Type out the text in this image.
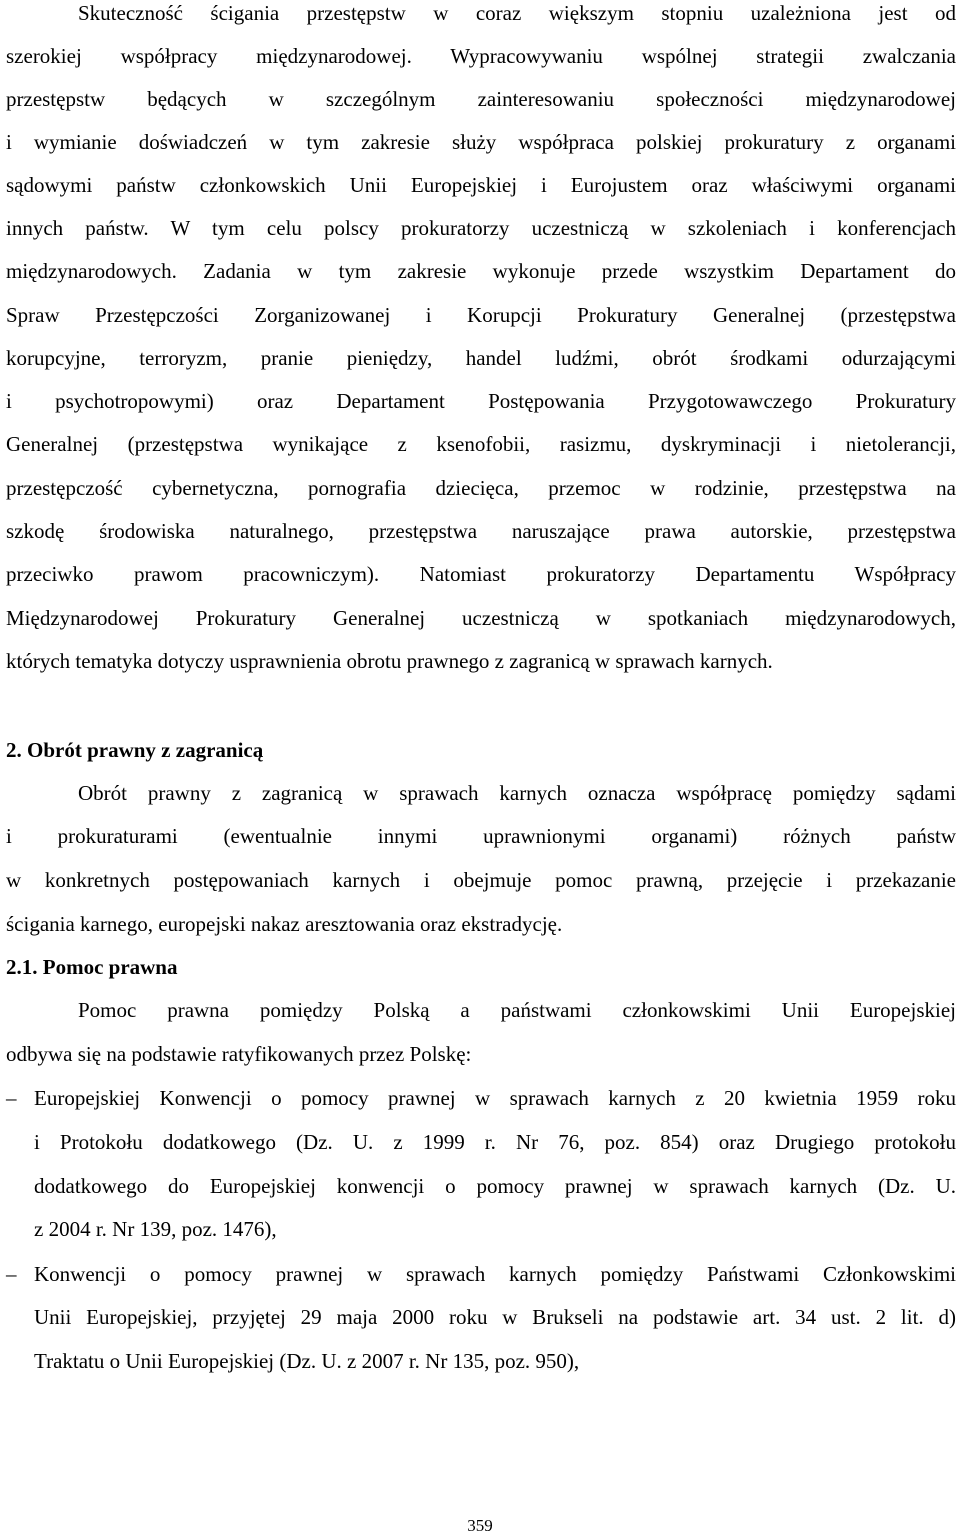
Skuteczność ścigania przestępstw w coraz większym stopniu uzależniona jest od
szerokiej współpracy międzynarodowej. Wypracowywaniu wspólnej strategii zwalczania
przestępstw będących w szczególnym zainteresowaniu społeczności międzynarodowej
i wymianie doświadczeń w tym zakresie służy współpraca polskiej prokuratury z organami
sądowymi państw członkowskich Unii Europejskiej i Eurojustem oraz właściwymi organami
innych państw. W tym celu polscy prokuratorzy uczestniczą w szkoleniach i konferencjach
międzynarodowych. Zadania w tym zakresie wykonuje przede wszystkim Departament do
Spraw Przestępczości Zorganizowanej i Korupcji Prokuratury Generalnej (przestępstwa
korupcyjne, terroryzm, pranie pieniędzy, handel ludźmi, obrót środkami odurzającymi
i psychotropowymi) oraz Departament Postępowania Przygotowawczego Prokuratury
Generalnej (przestępstwa wynikające z ksenofobii, rasizmu, dyskryminacji i nietolerancji,
przestępczość cybernetyczna, pornografia dziecięca, przemoc w rodzinie, przestępstwa na
szkodę środowiska naturalnego, przestępstwa naruszające prawa autorskie, przestępstwa
przeciwko prawom pracowniczym). Natomiast prokuratorzy Departamentu Współpracy
Międzynarodowej Prokuratury Generalnej uczestniczą w spotkaniach międzynarodowych,
których tematyka dotyczy usprawnienia obrotu prawnego z zagranicą w sprawach karnych.
2. Obrót prawny z zagranicą
Obrót prawny z zagranicą w sprawach karnych oznacza współpracę pomiędzy sądami
i prokuraturami (ewentualnie innymi uprawnionymi organami) różnych państw
w konkretnych postępowaniach karnych i obejmuje pomoc prawną, przejęcie i przekazanie
ścigania karnego, europejski nakaz aresztowania oraz ekstradycję.
2.1. Pomoc prawna
Pomoc prawna pomiędzy Polską a państwami członkowskimi Unii Europejskiej
odbywa się na podstawie ratyfikowanych przez Polskę:
– Europejskiej Konwencji o pomocy prawnej w sprawach karnych z 20 kwietnia 1959 roku
i Protokołu dodatkowego (Dz. U. z 1999 r. Nr 76, poz. 854) oraz Drugiego protokołu
dodatkowego do Europejskiej konwencji o pomocy prawnej w sprawach karnych (Dz. U.
z 2004 r. Nr 139, poz. 1476),
– Konwencji o pomocy prawnej w sprawach karnych pomiędzy Państwami Członkowskimi
Unii Europejskiej, przyjętej 29 maja 2000 roku w Brukseli na podstawie art. 34 ust. 2 lit. d)
Traktatu o Unii Europejskiej (Dz. U. z 2007 r. Nr 135, poz. 950),
359
